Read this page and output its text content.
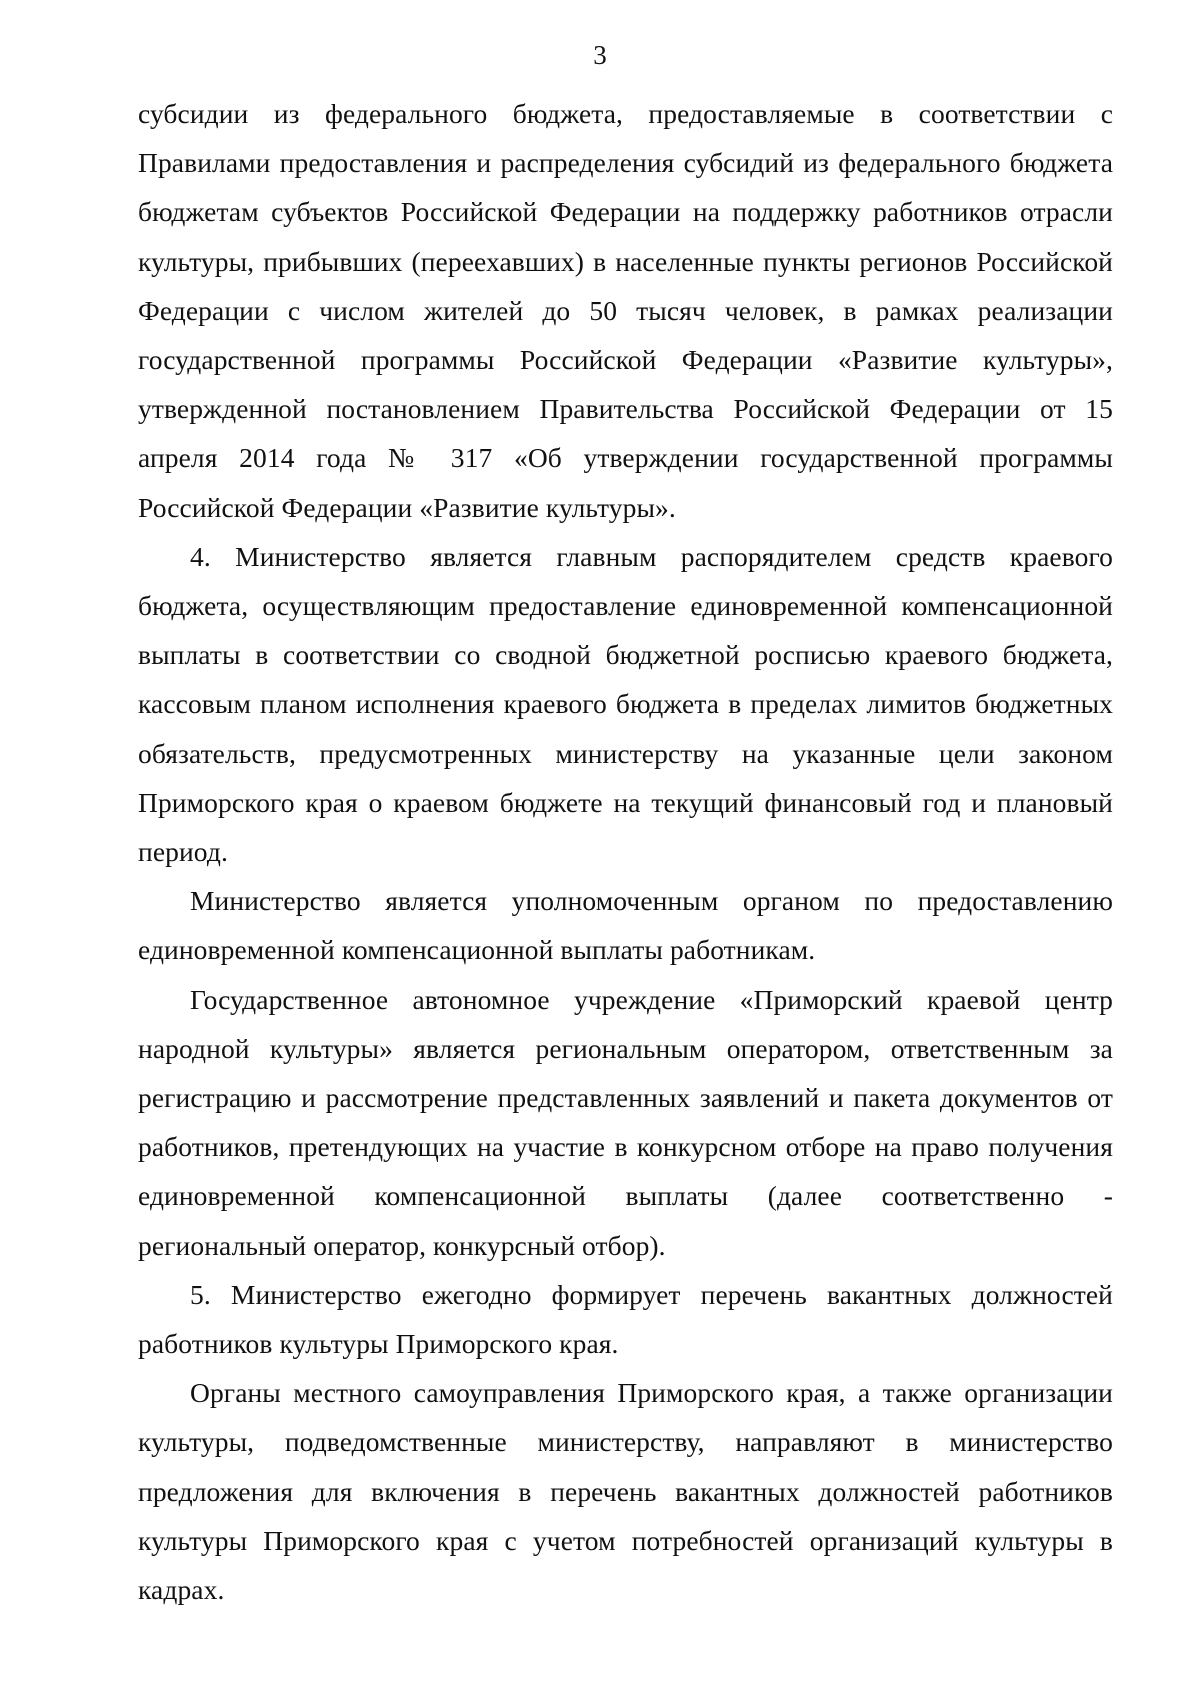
3

субсидии из федерального бюджета, предоставляемые в соответствии с Правилами предоставления и распределения субсидий из федерального бюджета бюджетам субъектов Российской Федерации на поддержку работников отрасли культуры, прибывших (переехавших) в населенные пункты регионов Российской Федерации с числом жителей до 50 тысяч человек, в рамках реализации государственной программы Российской Федерации «Развитие культуры», утвержденной постановлением Правительства Российской Федерации от 15 апреля 2014 года № 317 «Об утверждении государственной программы Российской Федерации «Развитие культуры».

4. Министерство является главным распорядителем средств краевого бюджета, осуществляющим предоставление единовременной компенсационной выплаты в соответствии со сводной бюджетной росписью краевого бюджета, кассовым планом исполнения краевого бюджета в пределах лимитов бюджетных обязательств, предусмотренных министерству на указанные цели законом Приморского края о краевом бюджете на текущий финансовый год и плановый период.

Министерство является уполномоченным органом по предоставлению единовременной компенсационной выплаты работникам.

Государственное автономное учреждение «Приморский краевой центр народной культуры» является региональным оператором, ответственным за регистрацию и рассмотрение представленных заявлений и пакета документов от работников, претендующих на участие в конкурсном отборе на право получения единовременной компенсационной выплаты (далее соответственно - региональный оператор, конкурсный отбор).

5. Министерство ежегодно формирует перечень вакантных должностей работников культуры Приморского края.

Органы местного самоуправления Приморского края, а также организации культуры, подведомственные министерству, направляют в министерство предложения для включения в перечень вакантных должностей работников культуры Приморского края с учетом потребностей организаций культуры в кадрах.
